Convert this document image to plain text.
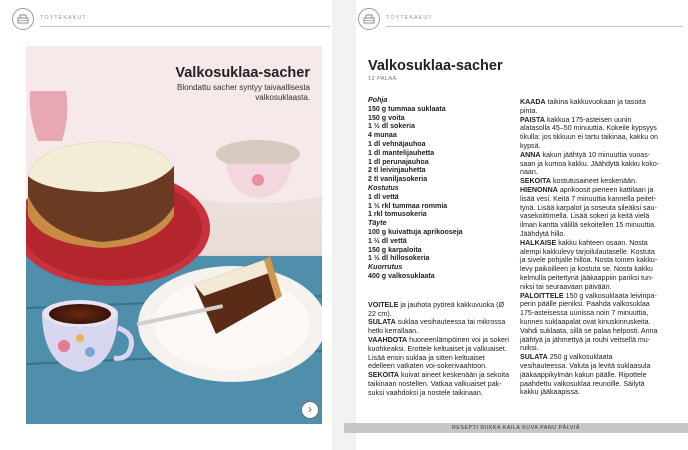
TÖYTEKAKUT	TÖYTEKAKUT
Valkosuklaa-sacher
Blondattu sacher syntyy taivaallisesta valkosuklaasta.
›
Valkosuklaa-sacher
12 PALAA
Pohja
150 g tummaa suklaata
150 g voita
1 ½ dl sokeria
4 munaa
1 dl vehnäjauhoa
1 dl mantelijauhetta
1 dl perunajauhoa
2 tl leivinjauhetta
2 tl vaniljasokeria
Kostutus
1 dl vettä
1 ½ rkl tummaa rommia
1 rkl tomusokeria
Täyte
100 g kuivattuja aprikooseja
1 ½ dl vettä
150 g karpaloita
1 ½ dl hillosokeria
Kuorrutus
400 g valkosuklaata
VOITELE ja jauhota pyöreä kakkuvuoka (Ø 22 cm).
SULATA suklaa vesihauteessa tai mikrossa hetki kerrallaan.
VAAHDOTA huoneenlämpöinen voi ja sokeri kuohkeaksi. Erottele keltuaiset ja valkuaiset. Lisää ensin suklaa ja sitten keltuaiset edelleen vatkaten voi-sokerivaahtoon.
SEKOITA kuivat aineet keskenään ja sekoita taikinaan nostellen. Vatkaa valkuaiset paksuksi vaahdoksi ja nostele taikinaan.
KAADA taikina kakkuvuokaan ja tasoita pinta.
PAISTA kakkua 175-asteisen uunin alatasolla 45–50 minuuttia. Kokeile kypsyys tikulla: jos tikkuun ei tartu taikinaa, kakku on kypsä.
ANNA kakun jäähtyä 10 minuuttia vuoassaan ja kumoa kakku. Jäähdytä kakku kokonaan.
SEKOITA kostutusaineet keskenään.
HIENONNA aprikoosit pieneen kattilaan ja lisää vesi. Keitä 7 minuuttia kannella peitettynä. Lisää karpalot ja soseuta sileäksi sauvasekoittimella. Lisää sokeri ja keitä vielä ilman kantta välillä sekoitellen 15 minuuttia. Jäähdytä hillo.
HALKAISE kakku kahteen osaan. Nosta alempi kakkulevy tarjoilulautaselle. Kostuta ja sivele pohjalle hilloa. Nosta toinen kakkulevy paikoilleen ja kostuta se. Nosta kakku kelmulla peitettynä jääkaappiin pariksi tunniksi tai seuraavaan päivään.
PALOITTELE 150 g valkosuklaata leivinpaperin päälle pieniksi. Paahda valkosuklaa 175-asteisessa uunissa noin 7 minuuttia, kunnes suklaapalat ovat kinuskinruskeita. Vahdi suklaata, sillä se palaa helposti. Anna jäähtyä ja jähmettyä ja rouhi veitsellä muruiksi.
SULATA 250 g valkosuklaata vesihauteessa. Valuta ja levitä suklaasula jääkaappikylmän kakun päälle. Ripottele paahdettu valkosuklaa reunoille. Säilytä kakku jääkaapissa.
RESEPTI RIIKKA KAILA KUVA PANU PÄLVIÄ
